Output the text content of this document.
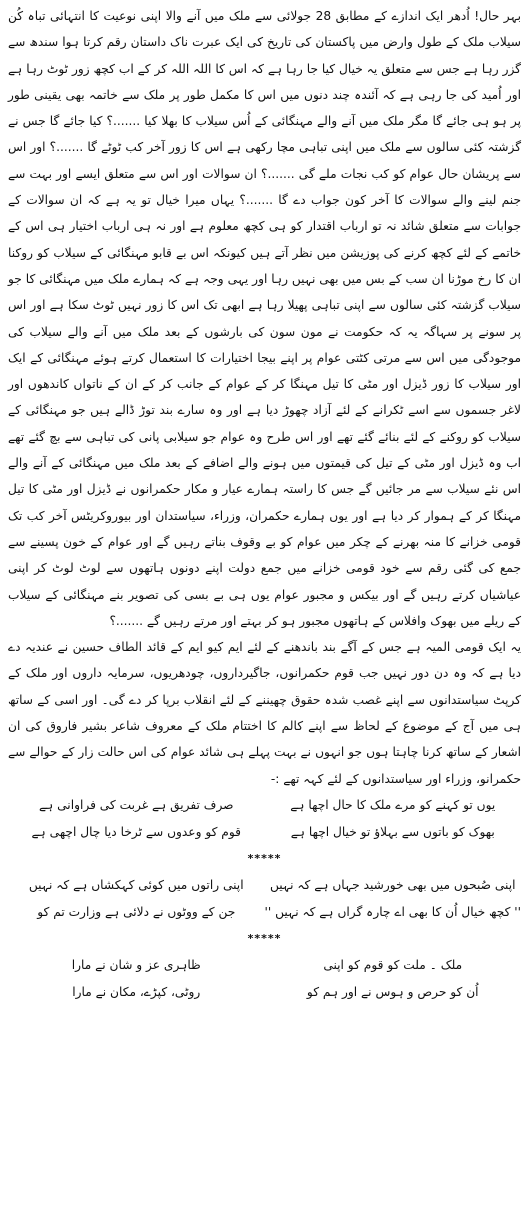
بہر حال! اُدھر ایک اندازے کے مطابق 28 جولائی سے ملک میں آنے والا اپنی نوعیت کا انتہائی تباہ کُن سیلاب ملک کے طول وارض میں پاکستان کی تاریخ کی ایک عبرت ناک داستان رقم کرتا ہوا سندھ سے گزر رہا ہے جس سے متعلق یہ خیال کیا جا رہا ہے کہ اس کا اللہ اللہ کر کے اب کچھ زور ٹوٹ رہا ہے اور اُمید کی جا رہی ہے کہ آئندہ چند دنوں میں اس کا مکمل طور پر ملک سے خاتمہ بھی یقینی طور پر ہو ہی جائے گا مگر ملک میں آنے والے مہنگائی کے اُس سیلاب کا بھلا کیا .......؟ کیا جائے گا جس نے گزشتہ کئی سالوں سے ملک میں اپنی تباہی مچا رکھی ہے اس کا زور آخر کب ٹوٹے گا .......؟ اور اس سے پریشان حال عوام کو کب نجات ملے گی .......؟ ان سوالات اور اس سے متعلق ایسے اور بہت سے جنم لینے والے سوالات کا آخر کون جواب دے گا .......؟ یہاں میرا خیال تو یہ ہے کہ ان سوالات کے جوابات سے متعلق شائد نہ تو ارباب اقتدار کو ہی کچھ معلوم ہے اور نہ ہی ارباب اختیار ہی اس کے خاتمے کے لئے کچھ کرنے کی پوزیشن میں نظر آتے ہیں کیونکہ اس بے قابو مہنگائی کے سیلاب کو روکنا ان کا رخ موڑنا ان سب کے بس میں بھی نہیں رہا اور یہی وجہ ہے کہ ہمارے ملک میں مہنگائی کا جو سیلاب گزشتہ کئی سالوں سے اپنی تباہی پھیلا رہا ہے ابھی تک اس کا زور نہیں ٹوٹ سکا ہے اور اس پر سونے پر سہاگہ یہ کہ حکومت نے مون سون کی بارشوں کے بعد ملک میں آنے والے سیلاب کی موجودگی میں اس سے مرتی کٹتی عوام پر اپنے بیجا اختیارات کا استعمال کرتے ہوئے مہنگائی کے ایک اور سیلاب کا زور ڈیزل اور مٹی کا تیل مہنگا کر کے عوام کے جانب کر کے ان کے ناتواں کاندھوں اور لاغر جسموں سے اسے ٹکرانے کے لئے آزاد چھوڑ دیا ہے اور وہ سارے بند توڑ ڈالے ہیں جو مہنگائی کے سیلاب کو روکنے کے لئے بنائے گئے تھے اور اس طرح وہ عوام جو سیلابی پانی کی تباہی سے بچ گئے تھے اب وہ ڈیزل اور مٹی کے تیل کی قیمتوں میں ہونے والے اضافے کے بعد ملک میں مہنگائی کے آنے والے اس نئے سیلاب سے مر جائیں گے جس کا راستہ ہمارے عیار و مکار حکمرانوں نے ڈیزل اور مٹی کا تیل مہنگا کر کے ہموار کر دیا ہے اور یوں ہمارے حکمران، وزراء، سیاستدان اور بیوروکریٹس آخر کب تک قومی خزانے کا منہ بھرنے کے چکر میں عوام کو بے وقوف بناتے رہیں گے اور عوام کے خون پسینے سے جمع کی گئی رقم سے خود قومی خزانے میں جمع دولت اپنے دونوں ہاتھوں سے لوٹ لوٹ کر اپنی عیاشیاں کرتے رہیں گے اور بیکس و مجبور عوام یوں ہی بے بسی کی تصویر بنے مہنگائی کے سیلاب کے ریلے میں بھوک وافلاس کے ہاتھوں مجبور ہو کر بہتے اور مرتے رہیں گے .......؟

یہ ایک قومی المیہ ہے جس کے آگے بند باندھنے کے لئے ایم کیو ایم کے قائد الطاف حسین نے عندیہ دے دیا ہے کہ وہ دن دور نہیں جب قوم حکمرانوں، جاگیرداروں، چودھریوں، سرمایہ داروں اور ملک کے کرپٹ سیاستدانوں سے اپنے غصب شدہ حقوق چھیننے کے لئے انقلاب برپا کر دے گی۔ اور اسی کے ساتھ ہی میں آج کے موضوع کے لحاظ سے اپنے کالم کا اختتام ملک کے معروف شاعر بشیر فاروق کی ان اشعار کے ساتھ کرنا چاہتا ہوں جو انہوں نے بہت پہلے ہی شائد عوام کی اس حالت زار کے حوالے سے حکمرانو، وزراء اور سیاستدانوں کے لئے کہہ تھے :-

یوں تو کہنے کو مرے ملک کا حال اچھا ہے
صرف تفریق ہے غربت کی فراوانی ہے
بھوک کو باتوں سے بہلاؤ تو خیال اچھا ہے
قوم کو وعدوں سے ٹرخا دیا چال اچھی ہے
*****
اپنی صُبحوں میں بھی خورشید جہاں ہے کہ نہیں
اپنی راتوں میں کوئی کہکشاں ہے کہ نہیں
'' کچھ خیال اُن کا بھی اے چارہ گراں ہے کہ نہیں ''
جن کے ووٹوں نے دلائی ہے وزارت تم کو
*****
ملک ۔ ملت کو قوم کو اپنی
ظاہری عز و شان نے مارا
اُن کو حرص و ہوس نے اور ہم کو
روٹی، کپڑے، مکان نے مارا
